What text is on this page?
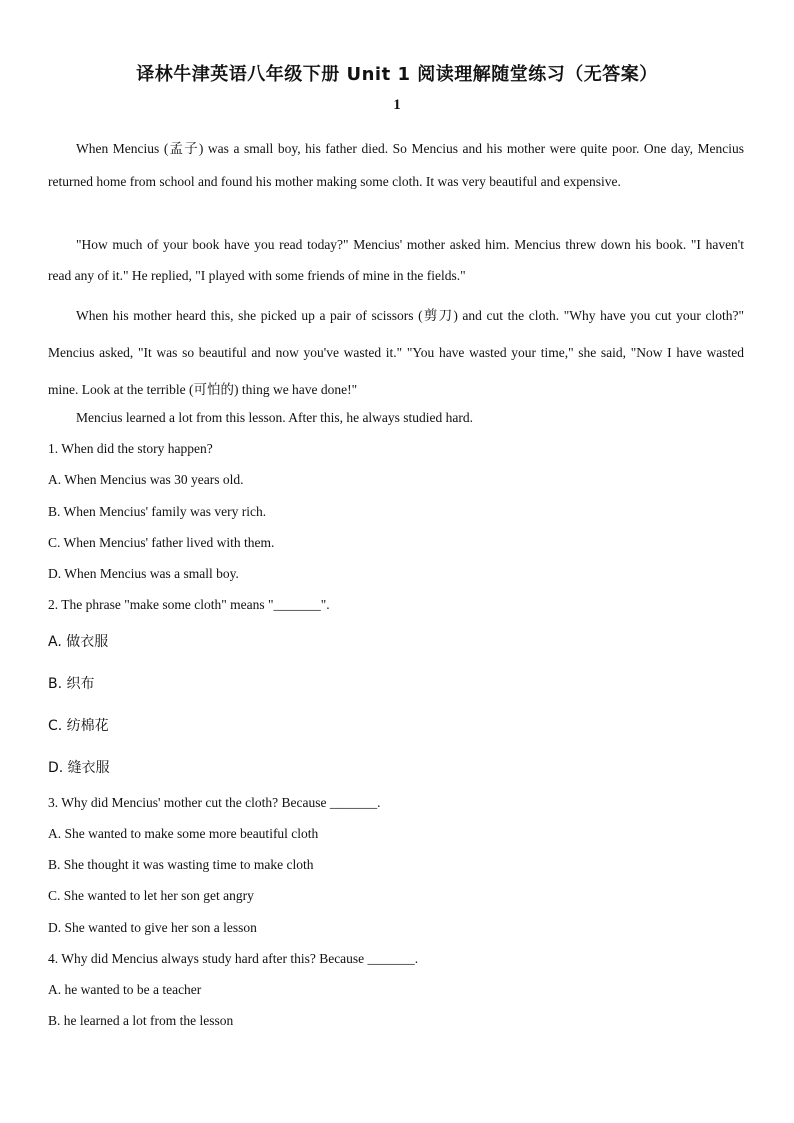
译林牛津英语八年级下册 Unit 1 阅读理解随堂练习（无答案）
1
When Mencius (孟子) was a small boy, his father died. So Mencius and his mother were quite poor. One day, Mencius returned home from school and found his mother making some cloth. It was very beautiful and expensive.
"How much of your book have you read today?" Mencius' mother asked him. Mencius threw down his book. "I haven't read any of it." He replied, "I played with some friends of mine in the fields."
When his mother heard this, she picked up a pair of scissors (剪刀) and cut the cloth. "Why have you cut your cloth?" Mencius asked, "It was so beautiful and now you've wasted it." "You have wasted your time," she said, "Now I have wasted mine. Look at the terrible (可怕的) thing we have done!"
Mencius learned a lot from this lesson. After this, he always studied hard.
1. When did the story happen?
A. When Mencius was 30 years old.
B. When Mencius' family was very rich.
C. When Mencius' father lived with them.
D. When Mencius was a small boy.
2. The phrase "make some cloth" means "_______".
A. 做衣服
B. 织布
C. 纺棉花
D. 缝衣服
3. Why did Mencius' mother cut the cloth? Because _______.
A. She wanted to make some more beautiful cloth
B. She thought it was wasting time to make cloth
C. She wanted to let her son get angry
D. She wanted to give her son a lesson
4. Why did Mencius always study hard after this? Because _______.
A. he wanted to be a teacher
B. he learned a lot from the lesson
